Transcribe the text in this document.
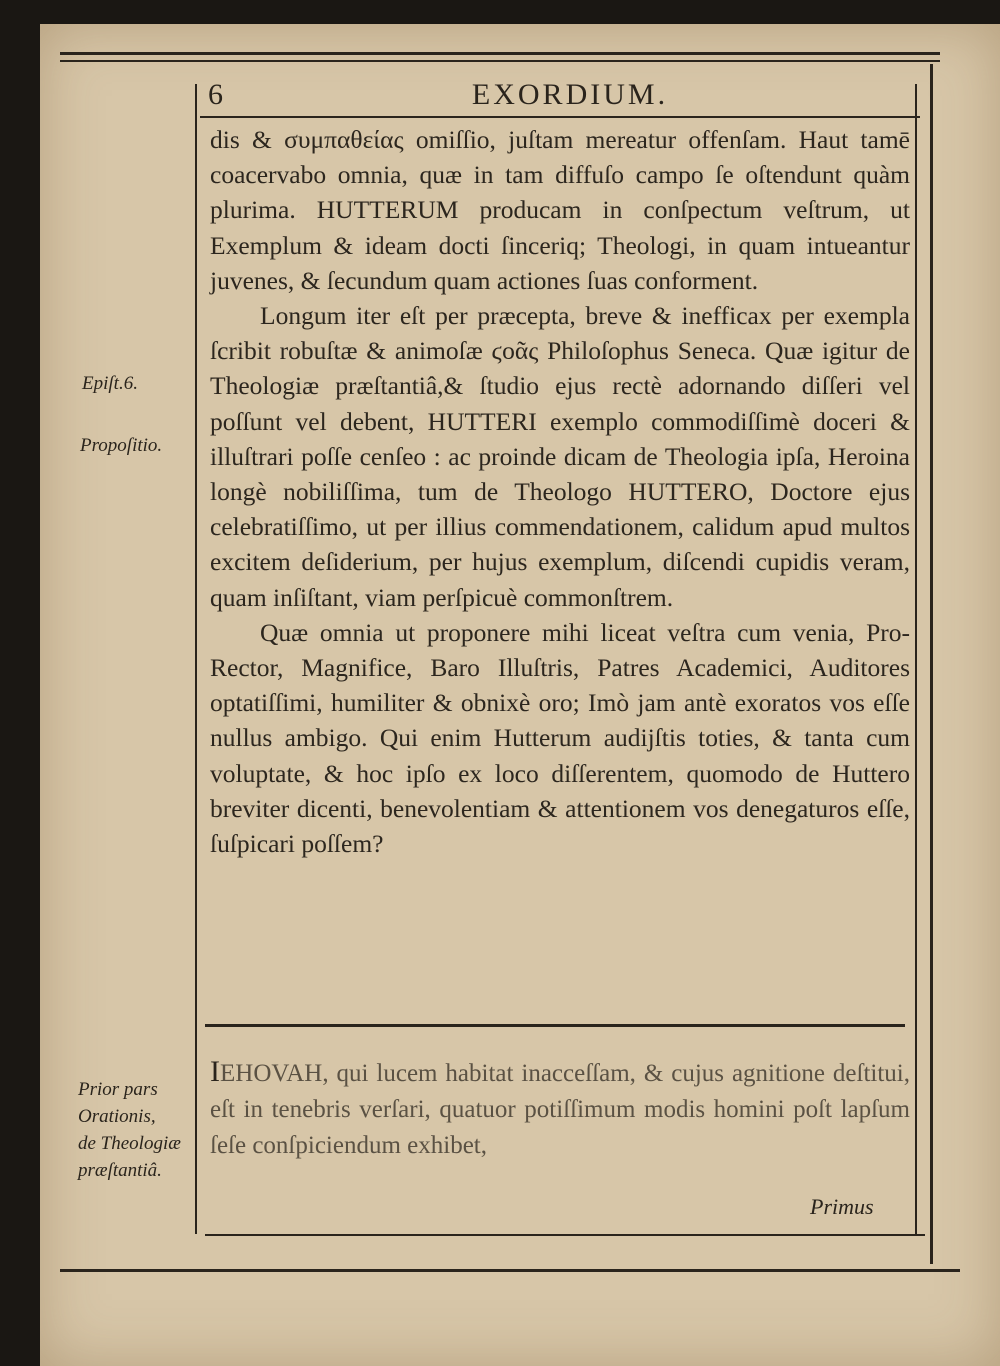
6	EXORDIUM.

dis & συμπαθείας omiſſio, juſtam mereatur offenſam. Haut tamē coacervabo omnia, quæ in tam diffuſo campo ſe oſtendunt quàm plurima. HUTTERUM producam in conſpectum veſtrum, ut Exemplum & ideam docti ſinceriq; Theologi, in quam intueantur juvenes, & ſecundum quam actiones ſuas conforment.

Longum iter eſt per præcepta, breve & inefficax per exempla ſcribit robuſtæ & animoſæ ϛοᾶς Philoſophus Seneca. Quæ igitur de Theologiæ præſtantiâ,& ſtudio ejus rectè adornando diſſeri vel poſſunt vel debent, HUTTERI exemplo commodiſſimè doceri & illuſtrari poſſe cenſeo : ac proinde dicam de Theologia ipſa, Heroina longè nobiliſſima, tum de Theologo HUTTERO, Doctore ejus celebratiſſimo, ut per illius commendationem, calidum apud multos excitem deſiderium, per hujus exemplum, diſcendi cupidis veram, quam inſiſtant, viam perſpicuè commonſtrem.

Quæ omnia ut proponere mihi liceat veſtra cum venia, Pro-Rector, Magnifice, Baro Illuſtris, Patres Academici, Auditores optatiſſimi, humiliter & obnixè oro; Imò jam antè exoratos vos eſſe nullus ambigo. Qui enim Hutterum audijſtis toties, & tanta cum voluptate, & hoc ipſo ex loco diſſerentem, quomodo de Huttero breviter dicenti, benevolentiam & attentionem vos denegaturos eſſe, ſuſpicari poſſem?

IEHOVAH, qui lucem habitat inacceſſam, & cujus agnitione deſtitui, eſt in tenebris verſari, quatuor potiſſimum modis homini poſt lapſum ſeſe conſpiciendum exhibet,

Primus
Epiſt.6.
Propoſitio.
Prior pars
Orationis,
de Theologiæ
præſtantiâ.
